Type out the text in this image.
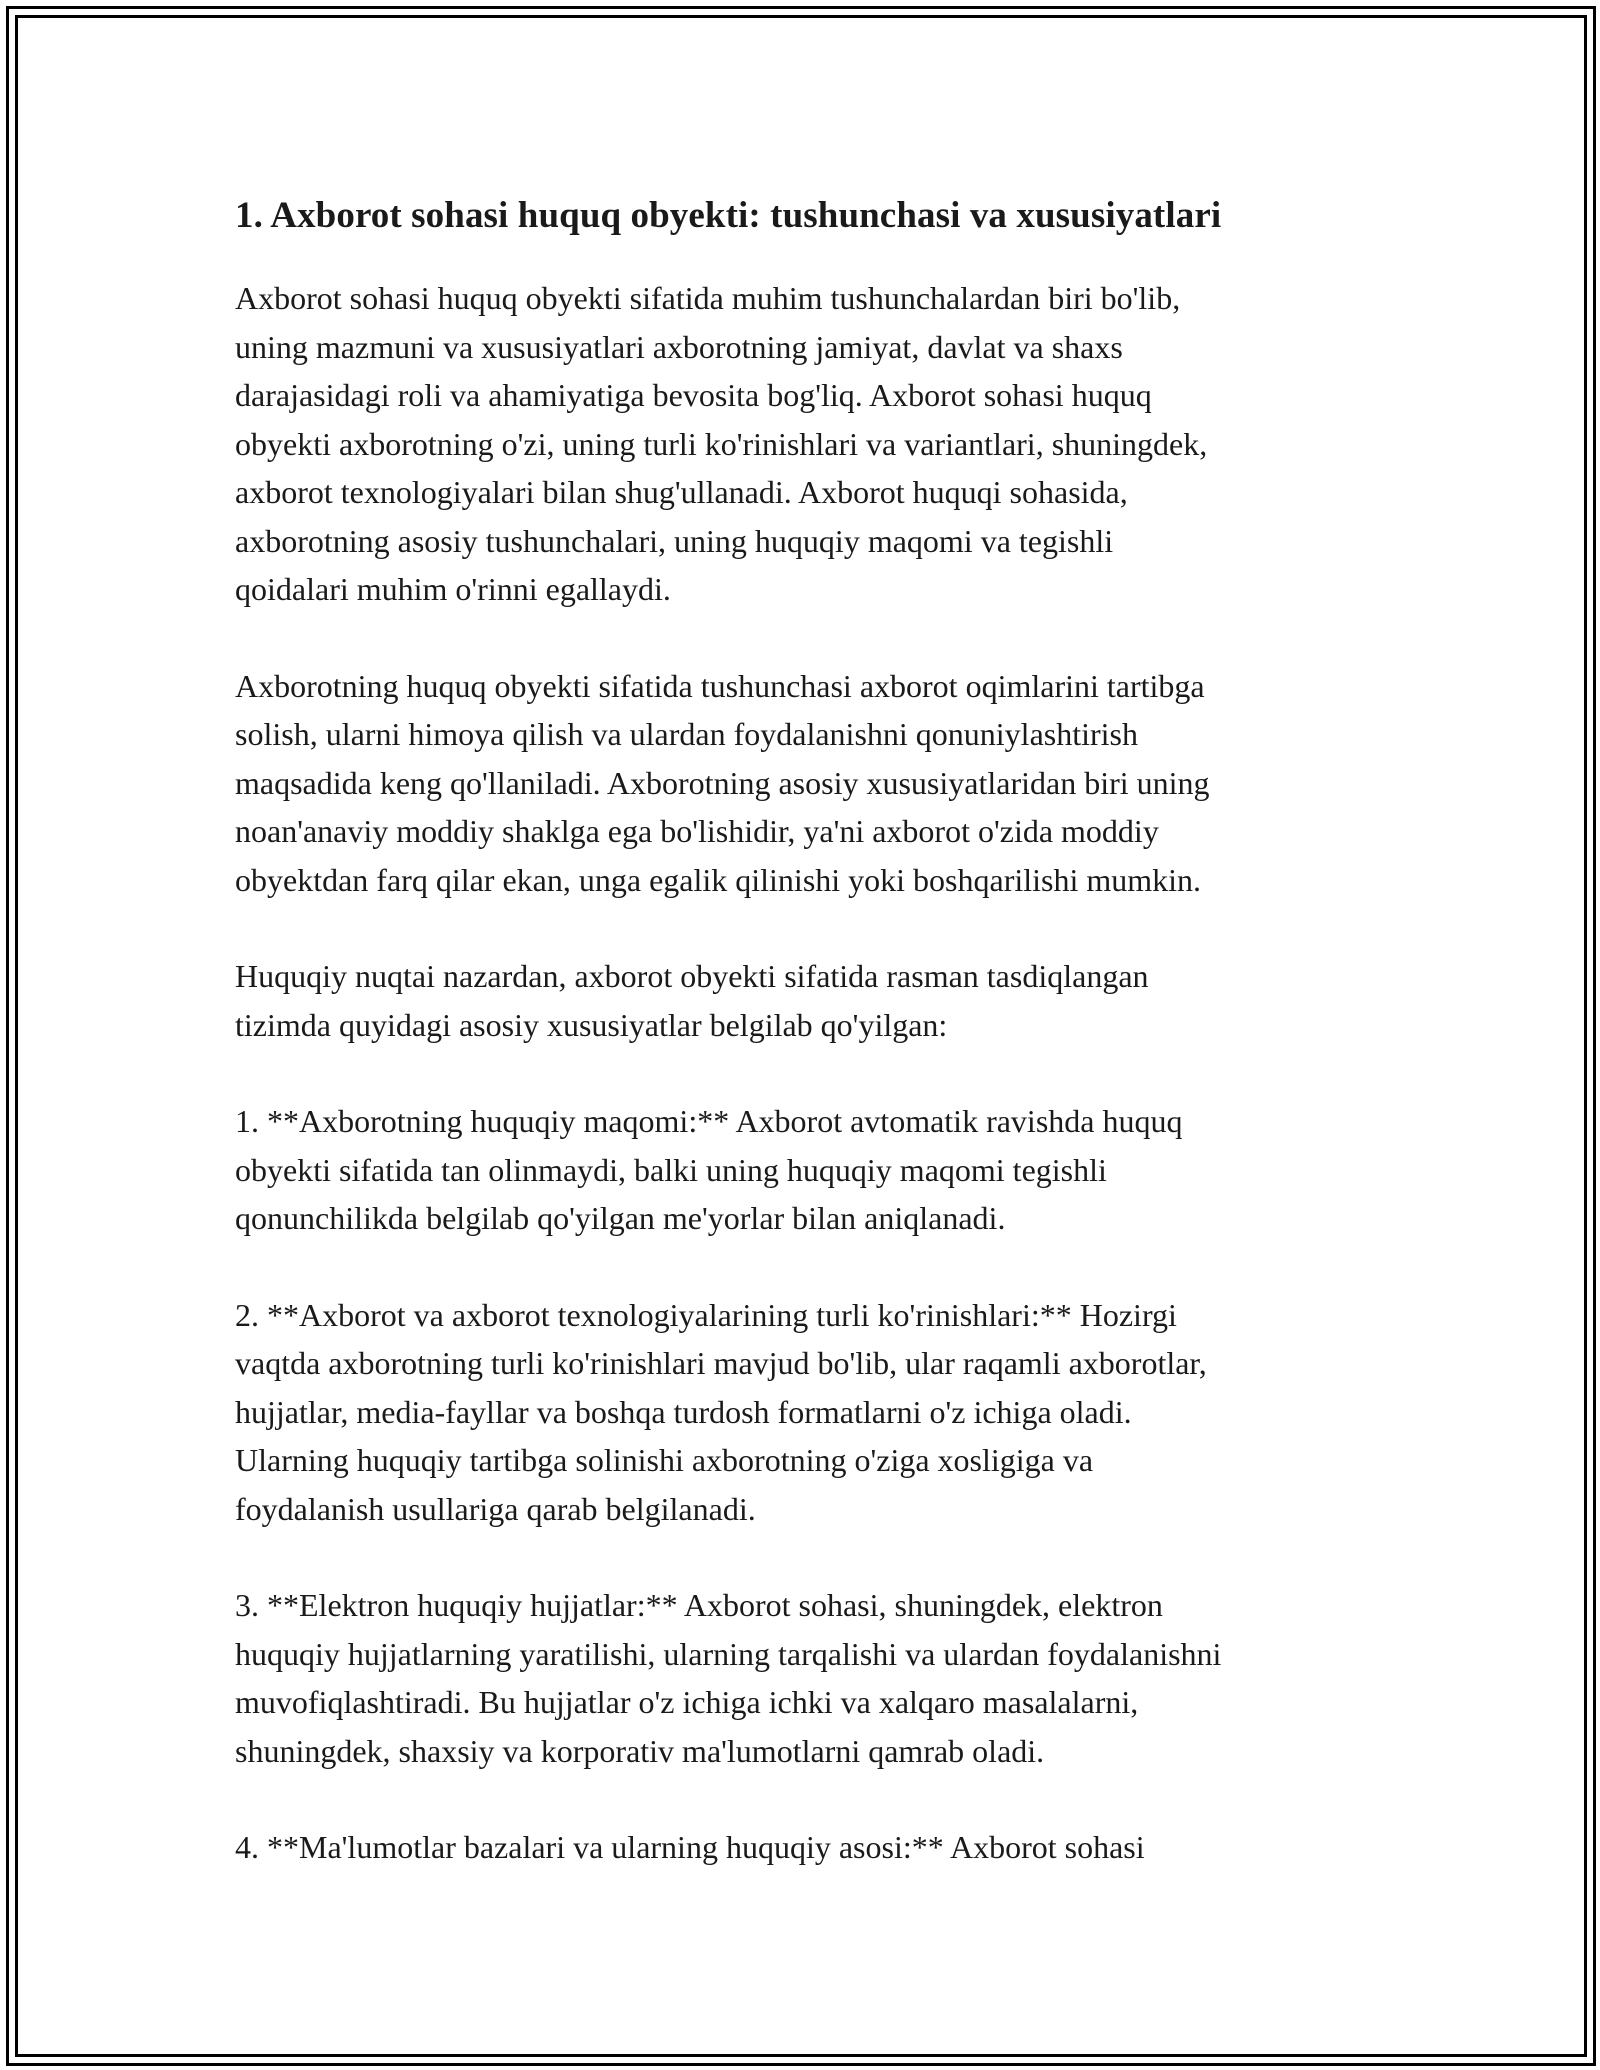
1. Axborot sohasi huquq obyekti: tushunchasi va xususiyatlari

Axborot sohasi huquq obyekti sifatida muhim tushunchalardan biri bo'lib,
uning mazmuni va xususiyatlari axborotning jamiyat, davlat va shaxs
darajasidagi roli va ahamiyatiga bevosita bog'liq. Axborot sohasi huquq
obyekti axborotning o'zi, uning turli ko'rinishlari va variantlari, shuningdek,
axborot texnologiyalari bilan shug'ullanadi. Axborot huquqi sohasida,
axborotning asosiy tushunchalari, uning huquqiy maqomi va tegishli
qoidalari muhim o'rinni egallaydi.

Axborotning huquq obyekti sifatida tushunchasi axborot oqimlarini tartibga
solish, ularni himoya qilish va ulardan foydalanishni qonuniylashtirish
maqsadida keng qo'llaniladi. Axborotning asosiy xususiyatlaridan biri uning
noan'anaviy moddiy shaklga ega bo'lishidir, ya'ni axborot o'zida moddiy
obyektdan farq qilar ekan, unga egalik qilinishi yoki boshqarilishi mumkin.

Huquqiy nuqtai nazardan, axborot obyekti sifatida rasman tasdiqlangan
tizimda quyidagi asosiy xususiyatlar belgilab qo'yilgan:

1. **Axborotning huquqiy maqomi:** Axborot avtomatik ravishda huquq
obyekti sifatida tan olinmaydi, balki uning huquqiy maqomi tegishli
qonunchilikda belgilab qo'yilgan me'yorlar bilan aniqlanadi.

2. **Axborot va axborot texnologiyalarining turli ko'rinishlari:** Hozirgi
vaqtda axborotning turli ko'rinishlari mavjud bo'lib, ular raqamli axborotlar,
hujjatlar, media-fayllar va boshqa turdosh formatlarni o'z ichiga oladi.
Ularning huquqiy tartibga solinishi axborotning o'ziga xosligiga va
foydalanish usullariga qarab belgilanadi.

3. **Elektron huquqiy hujjatlar:** Axborot sohasi, shuningdek, elektron
huquqiy hujjatlarning yaratilishi, ularning tarqalishi va ulardan foydalanishni
muvofiqlashtiradi. Bu hujjatlar o'z ichiga ichki va xalqaro masalalarni,
shuningdek, shaxsiy va korporativ ma'lumotlarni qamrab oladi.

4. **Ma'lumotlar bazalari va ularning huquqiy asosi:** Axborot sohasi
